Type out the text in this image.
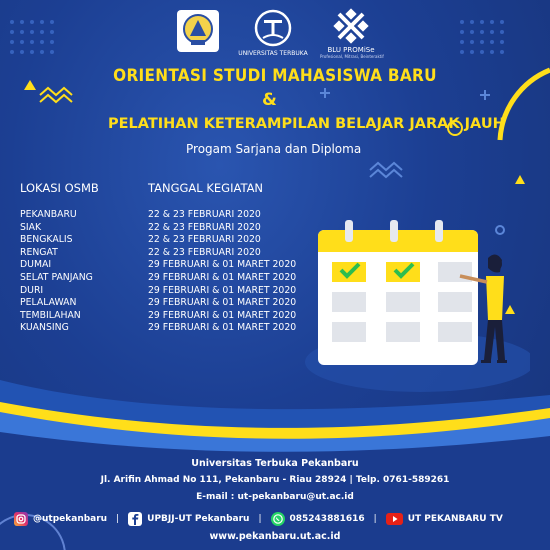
UNIVERSITAS TERBUKA	BLU PROMiSe
Profesional, Mitrasi, Beinteraktif
ORIENTASI STUDI MAHASISWA BARU
&
PELATIHAN KETERAMPILAN BELAJAR JARAK JAUH
Progam Sarjana dan Diploma
LOKASI OSMB	TANGGAL KEGIATAN
PEKANBARU	22 & 23 FEBRUARI 2020
SIAK	22 & 23 FEBRUARI 2020
BENGKALIS	22 & 23 FEBRUARI 2020
RENGAT	22 & 23 FEBRUARI 2020
DUMAI	29 FEBRUARI & 01 MARET 2020
SELAT PANJANG	29 FEBRUARI & 01 MARET 2020
DURI	29 FEBRUARI & 01 MARET 2020
PELALAWAN	29 FEBRUARI & 01 MARET 2020
TEMBILAHAN	29 FEBRUARI & 01 MARET 2020
KUANSING	29 FEBRUARI & 01 MARET 2020
Universitas Terbuka Pekanbaru
Jl. Arifin Ahmad No 111, Pekanbaru - Riau 28924 | Telp. 0761-589261
E-mail : ut-pekanbaru@ut.ac.id
@utpekanbaru |	UPBJJ-UT Pekanbaru |	085243881616 |	UT PEKANBARU TV
www.pekanbaru.ut.ac.id
